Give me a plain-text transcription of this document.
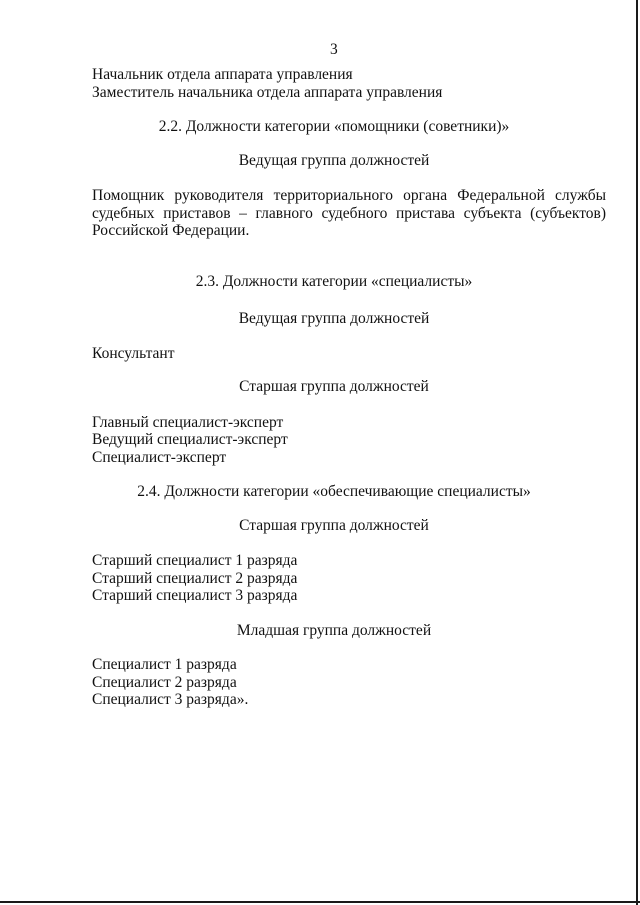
3
Начальник отдела аппарата управления
Заместитель начальника отдела аппарата управления
2.2. Должности категории «помощники (советники)»
Ведущая группа должностей
Помощник руководителя территориального органа Федеральной службы
судебных приставов – главного судебного пристава субъекта (субъектов)
Российской Федерации.
2.3. Должности категории «специалисты»
Ведущая группа должностей
Консультант
Старшая группа должностей
Главный специалист-эксперт
Ведущий специалист-эксперт
Специалист-эксперт
2.4. Должности категории «обеспечивающие специалисты»
Старшая группа должностей
Старший специалист 1 разряда
Старший специалист 2 разряда
Старший специалист 3 разряда
Младшая группа должностей
Специалист 1 разряда
Специалист 2 разряда
Специалист 3 разряда».
